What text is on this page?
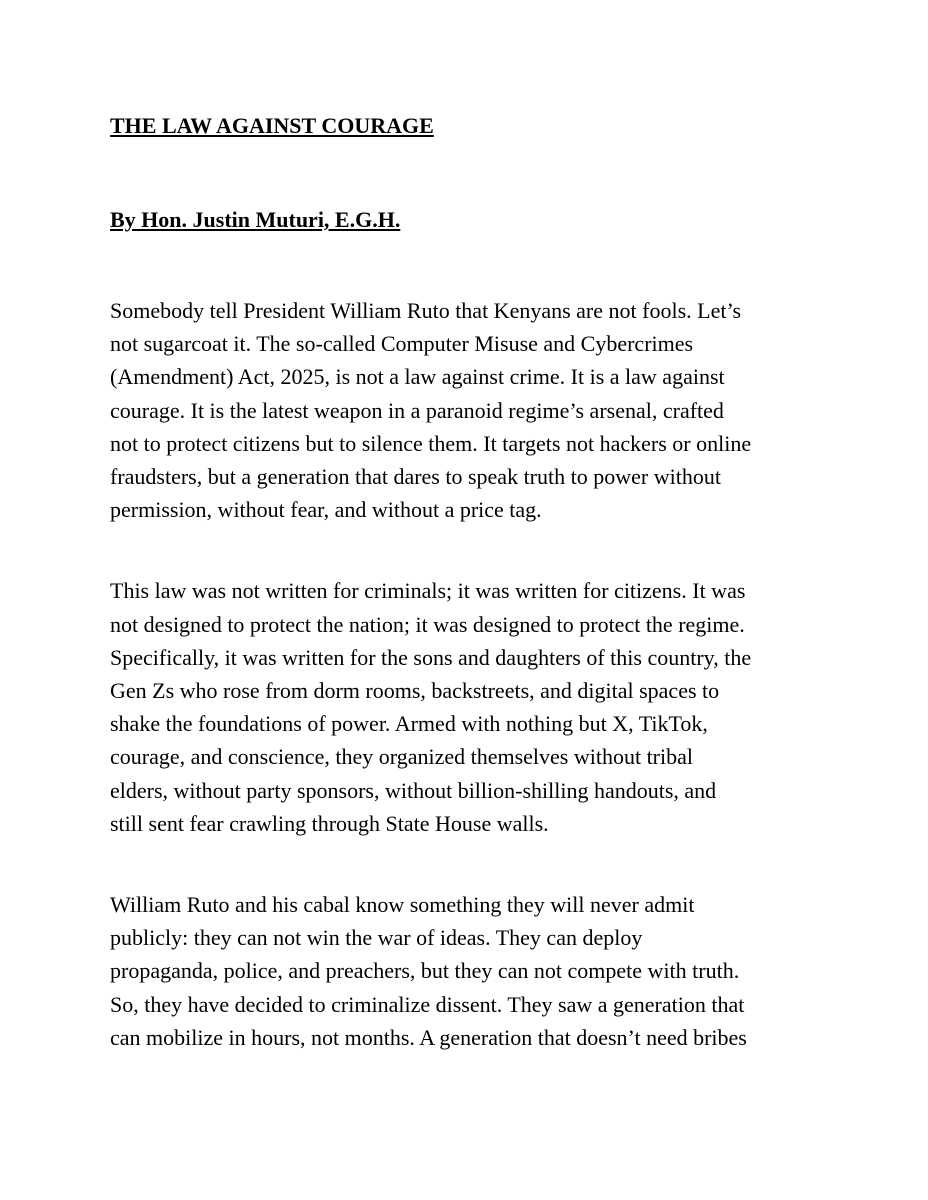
THE LAW AGAINST COURAGE
By Hon. Justin Muturi, E.G.H.

Somebody tell President William Ruto that Kenyans are not fools. Let’s
not sugarcoat it. The so-called Computer Misuse and Cybercrimes
(Amendment) Act, 2025, is not a law against crime. It is a law against
courage. It is the latest weapon in a paranoid regime’s arsenal, crafted
not to protect citizens but to silence them. It targets not hackers or online
fraudsters, but a generation that dares to speak truth to power without
permission, without fear, and without a price tag.

This law was not written for criminals; it was written for citizens. It was
not designed to protect the nation; it was designed to protect the regime.
Specifically, it was written for the sons and daughters of this country, the
Gen Zs who rose from dorm rooms, backstreets, and digital spaces to
shake the foundations of power. Armed with nothing but X, TikTok,
courage, and conscience, they organized themselves without tribal
elders, without party sponsors, without billion-shilling handouts, and
still sent fear crawling through State House walls.

William Ruto and his cabal know something they will never admit
publicly: they can not win the war of ideas. They can deploy
propaganda, police, and preachers, but they can not compete with truth.
So, they have decided to criminalize dissent. They saw a generation that
can mobilize in hours, not months. A generation that doesn’t need bribes
